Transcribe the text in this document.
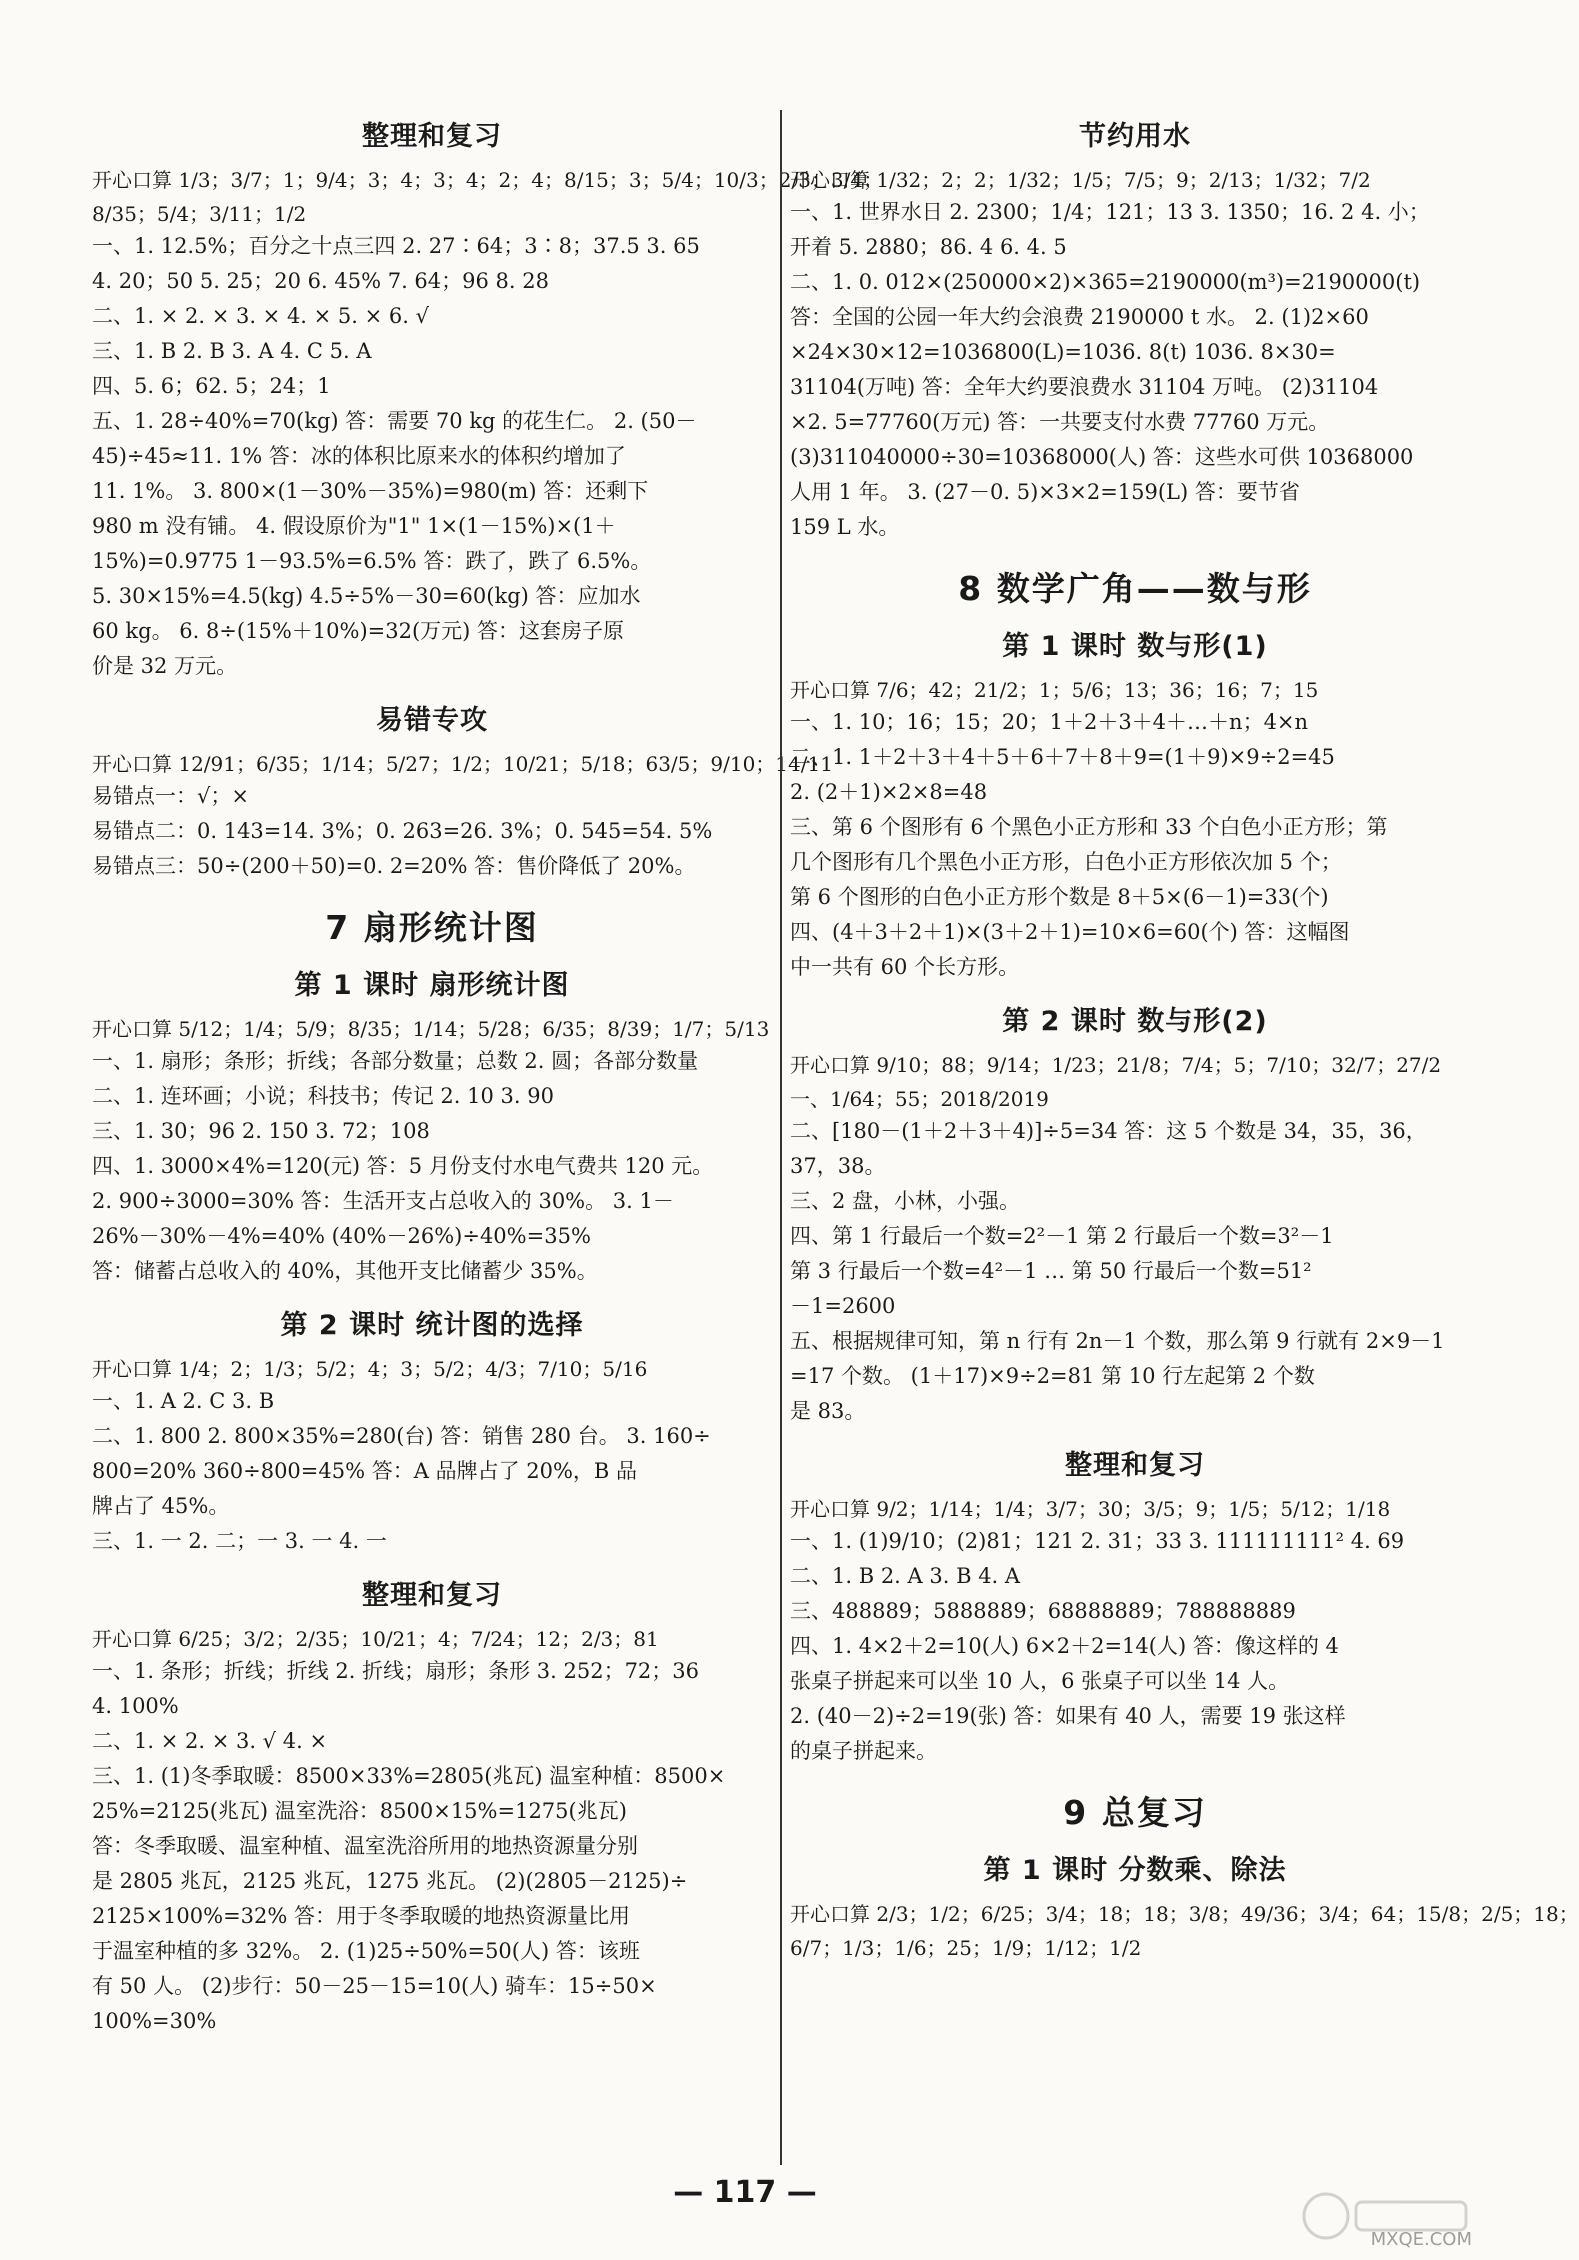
整理和复习
开心口算 1/3；3/7；1；9/4；3；4；3；4；2；4；8/15；3；5/4；10/3；2/3；3/4；
8/35；5/4；3/11；1/2
一、1. 12.5%；百分之十点三四 2. 27∶64；3∶8；37.5 3. 65
4. 20；50 5. 25；20 6. 45% 7. 64；96 8. 28
二、1. × 2. × 3. × 4. × 5. × 6. √
三、1. B 2. B 3. A 4. C 5. A
四、5. 6；62. 5；24；1
五、1. 28÷40%=70(kg) 答：需要 70 kg 的花生仁。 2. (50－
45)÷45≈11. 1% 答：冰的体积比原来水的体积约增加了
11. 1%。 3. 800×(1－30%－35%)=980(m) 答：还剩下
980 m 没有铺。 4. 假设原价为"1" 1×(1－15%)×(1＋
15%)=0.9775 1－93.5%=6.5% 答：跌了，跌了 6.5%。
5. 30×15%=4.5(kg) 4.5÷5%－30=60(kg) 答：应加水
60 kg。 6. 8÷(15%＋10%)=32(万元) 答：这套房子原
价是 32 万元。
易错专攻
开心口算 12/91；6/35；1/14；5/27；1/2；10/21；5/18；63/5；9/10；14/11
易错点一：√；×
易错点二：0. 143=14. 3%；0. 263=26. 3%；0. 545=54. 5%
易错点三：50÷(200＋50)=0. 2=20% 答：售价降低了 20%。
7 扇形统计图
第 1 课时 扇形统计图
开心口算 5/12；1/4；5/9；8/35；1/14；5/28；6/35；8/39；1/7；5/13
一、1. 扇形；条形；折线；各部分数量；总数 2. 圆；各部分数量
二、1. 连环画；小说；科技书；传记 2. 10 3. 90
三、1. 30；96 2. 150 3. 72；108
四、1. 3000×4%=120(元) 答：5 月份支付水电气费共 120 元。
2. 900÷3000=30% 答：生活开支占总收入的 30%。 3. 1－
26%－30%－4%=40% (40%－26%)÷40%=35%
答：储蓄占总收入的 40%，其他开支比储蓄少 35%。
第 2 课时 统计图的选择
开心口算 1/4；2；1/3；5/2；4；3；5/2；4/3；7/10；5/16
一、1. A 2. C 3. B
二、1. 800 2. 800×35%=280(台) 答：销售 280 台。 3. 160÷
800=20% 360÷800=45% 答：A 品牌占了 20%，B 品
牌占了 45%。
三、1. 一 2. 二；一 3. 一 4. 一
整理和复习
开心口算 6/25；3/2；2/35；10/21；4；7/24；12；2/3；81
一、1. 条形；折线；折线 2. 折线；扇形；条形 3. 252；72；36
4. 100%
二、1. × 2. × 3. √ 4. ×
三、1. (1)冬季取暖：8500×33%=2805(兆瓦) 温室种植：8500×
25%=2125(兆瓦) 温室洗浴：8500×15%=1275(兆瓦)
答：冬季取暖、温室种植、温室洗浴所用的地热资源量分别
是 2805 兆瓦，2125 兆瓦，1275 兆瓦。 (2)(2805－2125)÷
2125×100%=32% 答：用于冬季取暖的地热资源量比用
于温室种植的多 32%。 2. (1)25÷50%=50(人) 答：该班
有 50 人。 (2)步行：50－25－15=10(人) 骑车：15÷50×
100%=30%
节约用水
开心口算 1/32；2；2；1/32；1/5；7/5；9；2/13；1/32；7/2
一、1. 世界水日 2. 2300；1/4；121；13 3. 1350；16. 2 4. 小；
开着 5. 2880；86. 4 6. 4. 5
二、1. 0. 012×(250000×2)×365=2190000(m³)=2190000(t)
答：全国的公园一年大约会浪费 2190000 t 水。 2. (1)2×60
×24×30×12=1036800(L)=1036. 8(t) 1036. 8×30=
31104(万吨) 答：全年大约要浪费水 31104 万吨。 (2)31104
×2. 5=77760(万元) 答：一共要支付水费 77760 万元。
(3)311040000÷30=10368000(人) 答：这些水可供 10368000
人用 1 年。 3. (27－0. 5)×3×2=159(L) 答：要节省
159 L 水。
8 数学广角——数与形
第 1 课时 数与形(1)
开心口算 7/6；42；21/2；1；5/6；13；36；16；7；15
一、1. 10；16；15；20；1＋2＋3＋4＋…＋n；4×n
二、1. 1＋2＋3＋4＋5＋6＋7＋8＋9=(1＋9)×9÷2=45
2. (2＋1)×2×8=48
三、第 6 个图形有 6 个黑色小正方形和 33 个白色小正方形；第
几个图形有几个黑色小正方形，白色小正方形依次加 5 个；
第 6 个图形的白色小正方形个数是 8＋5×(6－1)=33(个)
四、(4＋3＋2＋1)×(3＋2＋1)=10×6=60(个) 答：这幅图
中一共有 60 个长方形。
第 2 课时 数与形(2)
开心口算 9/10；88；9/14；1/23；21/8；7/4；5；7/10；32/7；27/2
一、1/64；55；2018/2019
二、[180－(1＋2＋3＋4)]÷5=34 答：这 5 个数是 34，35，36，
37，38。
三、2 盘，小林，小强。
四、第 1 行最后一个数=2²－1 第 2 行最后一个数=3²－1
第 3 行最后一个数=4²－1 … 第 50 行最后一个数=51²
－1=2600
五、根据规律可知，第 n 行有 2n－1 个数，那么第 9 行就有 2×9－1
=17 个数。 (1＋17)×9÷2=81 第 10 行左起第 2 个数
是 83。
整理和复习
开心口算 9/2；1/14；1/4；3/7；30；3/5；9；1/5；5/12；1/18
一、1. (1)9/10；(2)81；121 2. 31；33 3. 111111111² 4. 69
二、1. B 2. A 3. B 4. A
三、488889；5888889；68888889；788888889
四、1. 4×2＋2=10(人) 6×2＋2=14(人) 答：像这样的 4
张桌子拼起来可以坐 10 人，6 张桌子可以坐 14 人。
2. (40－2)÷2=19(张) 答：如果有 40 人，需要 19 张这样
的桌子拼起来。
9 总复习
第 1 课时 分数乘、除法
开心口算 2/3；1/2；6/25；3/4；18；18；3/8；49/36；3/4；64；15/8；2/5；18；
6/7；1/3；1/6；25；1/9；1/12；1/2
— 117 —
MXQE.COM
